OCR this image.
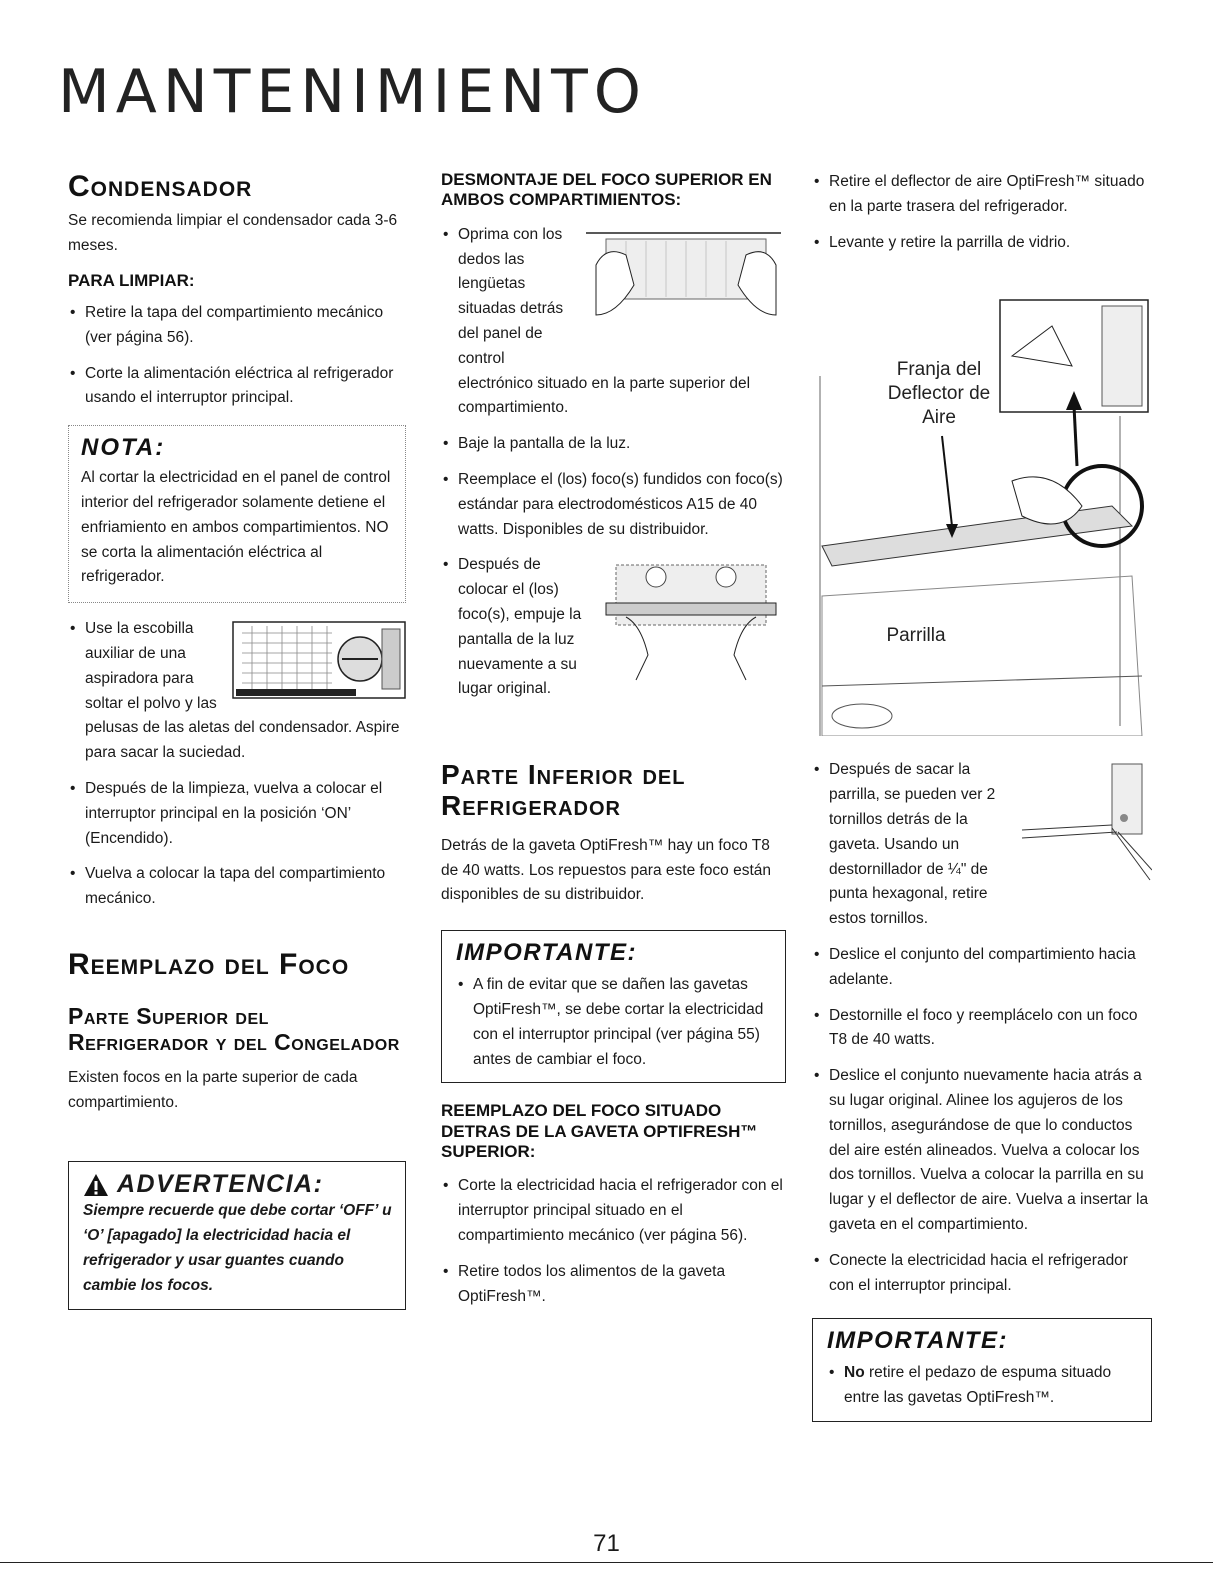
MANTENIMIENTO
Condensador

Se recomienda limpiar el condensador cada 3-6 meses.

PARA LIMPIAR:
• Retire la tapa del compartimiento mecánico (ver página 56).
• Corte la alimentación eléctrica al refrigerador usando el interruptor principal.
NOTA:

Al cortar la electricidad en el panel de control interior del refrigerador solamente detiene el enfriamiento en ambos compartimientos. NO se corta la alimentación eléctrica al refrigerador.

• Use la escobilla auxiliar de una aspiradora para soltar el polvo y las pelusas de las aletas del condensador. Aspire para sacar la suciedad.
• Después de la limpieza, vuelva a colocar el interruptor principal en la posición ‘ON’ (Encendido).
• Vuelva a colocar la tapa del compartimiento mecánico.
Reemplazo del Foco
Parte Superior del Refrigerador y del Congelador

Existen focos en la parte superior de cada compartimiento.

ADVERTENCIA:

Siempre recuerde que debe cortar ‘OFF’ u ‘O’ [apagado] la electricidad hacia el refrigerador y usar guantes cuando cambie los focos.

DESMONTAJE DEL FOCO SUPERIOR EN AMBOS COMPARTIMIENTOS:
• Oprima con los dedos las lengüetas situadas detrás del panel de control electrónico situado en la parte superior del compartimiento.
• Baje la pantalla de la luz.
• Reemplace el (los) foco(s) fundidos con foco(s) estándar para electrodomésticos A15 de 40 watts. Disponibles de su distribuidor.
• Después de colocar el (los) foco(s), empuje la pantalla de la luz nuevamente a su lugar original.
Parte Inferior del Refrigerador

Detrás de la gaveta OptiFresh™ hay un foco T8 de 40 watts. Los repuestos para este foco están disponibles de su distribuidor.

IMPORTANTE:
• A fin de evitar que se dañen las gavetas OptiFresh™, se debe cortar la electricidad con el interruptor principal (ver página 55) antes de cambiar el foco.
REEMPLAZO DEL FOCO SITUADO DETRAS DE LA GAVETA OPTIFRESH™ SUPERIOR:
• Corte la electricidad hacia el refrigerador con el interruptor principal situado en el compartimiento mecánico (ver página 56).
• Retire todos los alimentos de la gaveta OptiFresh™.
• Retire el deflector de aire OptiFresh™ situado en la parte trasera del refrigerador.
• Levante y retire la parrilla de vidrio.
Franja del Deflector de Aire
Parrilla
• Después de sacar la parrilla, se pueden ver 2 tornillos detrás de la gaveta. Usando un destornillador de ¼" de punta hexagonal, retire estos tornillos.
• Deslice el conjunto del compartimiento hacia adelante.
• Destornille el foco y reemplácelo con un foco T8 de 40 watts.
• Deslice el conjunto nuevamente hacia atrás a su lugar original. Alinee los agujeros de los tornillos, asegurándose de que lo conductos del aire estén alineados. Vuelva a colocar los dos tornillos. Vuelva a colocar la parrilla en su lugar y el deflector de aire. Vuelva a insertar la gaveta en el compartimiento.
• Conecte la electricidad hacia el refrigerador con el interruptor principal.
IMPORTANTE:
• No retire el pedazo de espuma situado entre las gavetas OptiFresh™.
71
